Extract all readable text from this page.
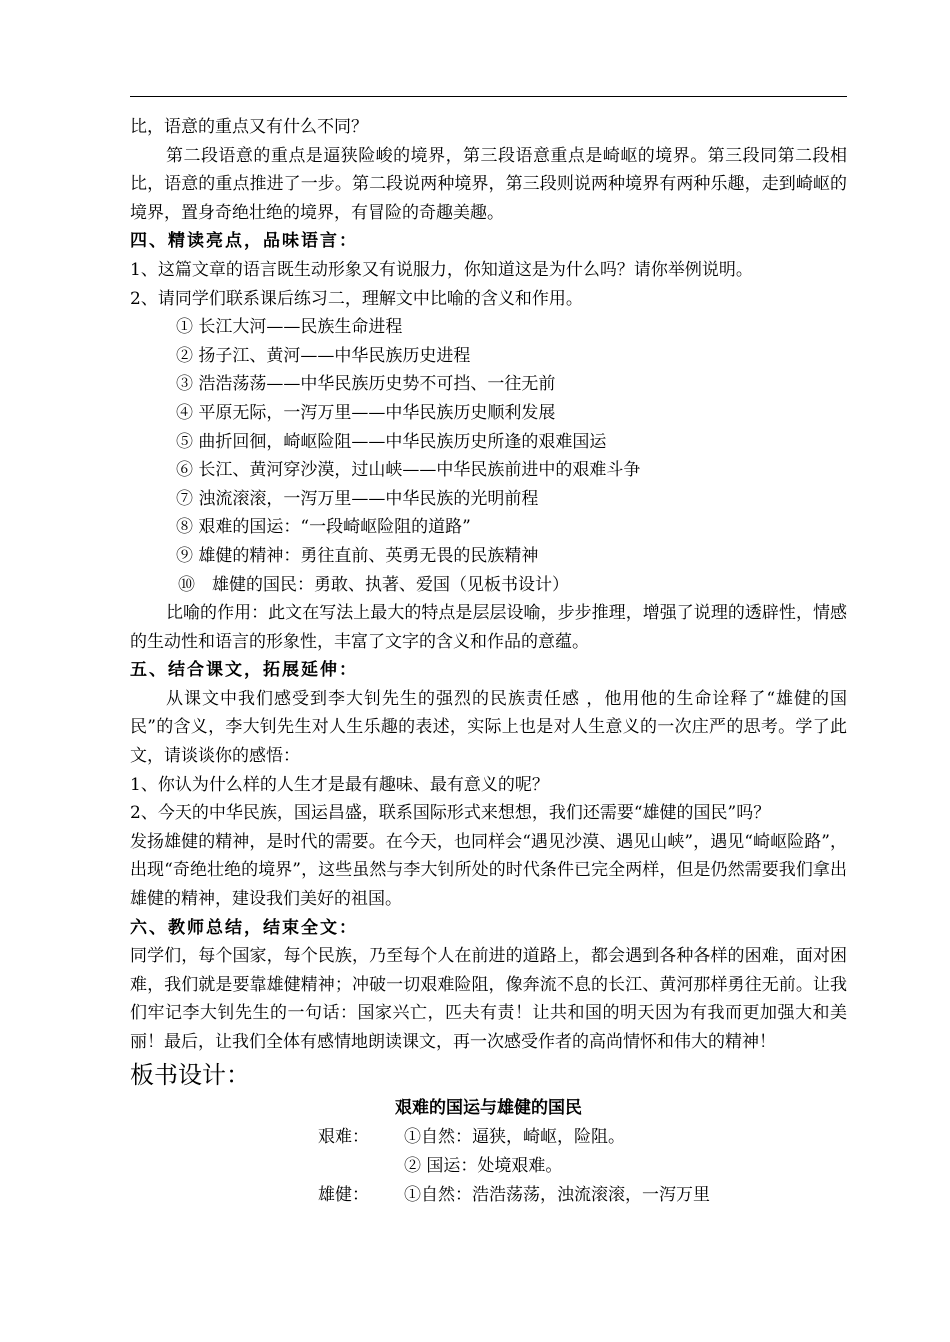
比，语意的重点又有什么不同？

第二段语意的重点是逼狭险峻的境界，第三段语意重点是崎岖的境界。第三段同第二段相比，语意的重点推进了一步。第二段说两种境界，第三段则说两种境界有两种乐趣，走到崎岖的境界，置身奇绝壮绝的境界，有冒险的奇趣美趣。

四、精读亮点，品味语言：

1、这篇文章的语言既生动形象又有说服力，你知道这是为什么吗？请你举例说明。

2、请同学们联系课后练习二，理解文中比喻的含义和作用。

① 长江大河——民族生命进程

② 扬子江、黄河——中华民族历史进程

③ 浩浩荡荡——中华民族历史势不可挡、一往无前

④ 平原无际，一泻万里——中华民族历史顺利发展

⑤ 曲折回徊，崎岖险阻——中华民族历史所逢的艰难国运

⑥ 长江、黄河穿沙漠，过山峡——中华民族前进中的艰难斗争

⑦ 浊流滚滚，一泻万里——中华民族的光明前程

⑧ 艰难的国运：“一段崎岖险阻的道路”

⑨ 雄健的精神：勇往直前、英勇无畏的民族精神

⑩　雄健的国民：勇敢、执著、爱国（见板书设计）

比喻的作用：此文在写法上最大的特点是层层设喻，步步推理，增强了说理的透辟性，情感的生动性和语言的形象性，丰富了文字的含义和作品的意蕴。

五、结合课文，拓展延伸：

从课文中我们感受到李大钊先生的强烈的民族责任感 ，他用他的生命诠释了“雄健的国民”的含义，李大钊先生对人生乐趣的表述，实际上也是对人生意义的一次庄严的思考。学了此文，请谈谈你的感悟：

1、你认为什么样的人生才是最有趣味、最有意义的呢？

2、今天的中华民族，国运昌盛，联系国际形式来想想，我们还需要“雄健的国民”吗？

发扬雄健的精神，是时代的需要。在今天，也同样会“遇见沙漠、遇见山峡”，遇见“崎岖险路”，出现“奇绝壮绝的境界”，这些虽然与李大钊所处的时代条件已完全两样，但是仍然需要我们拿出雄健的精神，建设我们美好的祖国。

六、教师总结，结束全文：

同学们，每个国家，每个民族，乃至每个人在前进的道路上，都会遇到各种各样的困难，面对困难，我们就是要靠雄健精神；冲破一切艰难险阻，像奔流不息的长江、黄河那样勇往无前。让我们牢记李大钊先生的一句话：国家兴亡，匹夫有责！让共和国的明天因为有我而更加强大和美丽！最后，让我们全体有感情地朗读课文，再一次感受作者的高尚情怀和伟大的精神！

板书设计：

艰难的国运与雄健的国民

艰难： ①自然：逼狭，崎岖，险阻。
② 国运：处境艰难。
雄健： ①自然：浩浩荡荡，浊流滚滚，一泻万里
